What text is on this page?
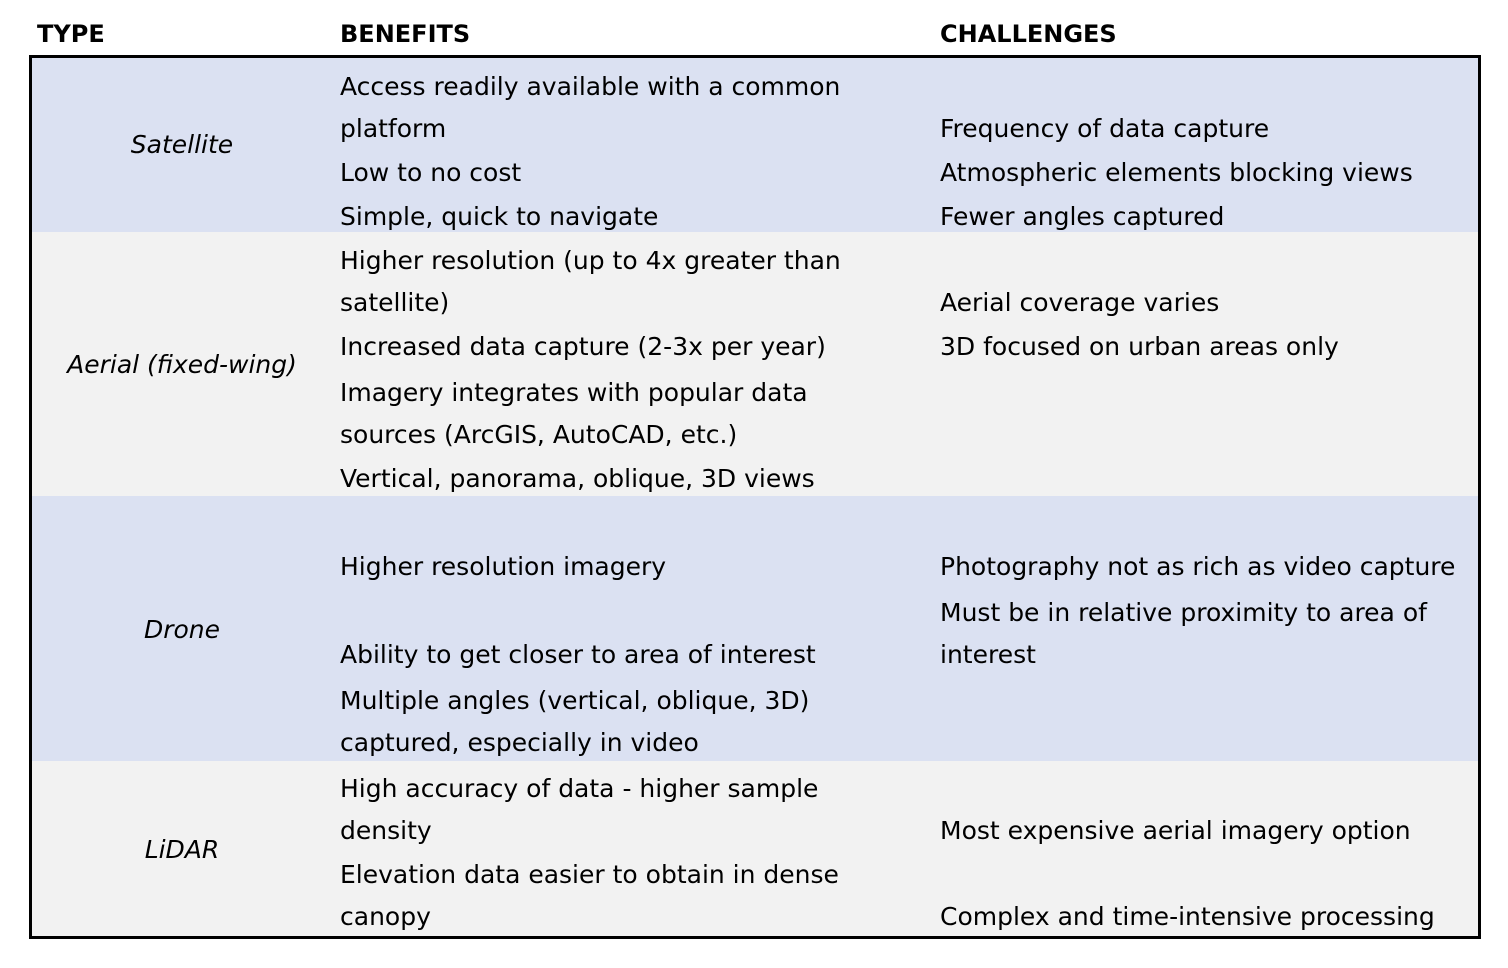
TYPE	BENEFITS	CHALLENGES
Satellite
Access readily available with a common
platform
Low to no cost
Simple, quick to navigate
Frequency of data capture
Atmospheric elements blocking views
Fewer angles captured
Aerial (fixed-wing)
Higher resolution (up to 4x greater than
satellite)
Increased data capture (2-3x per year)
Imagery integrates with popular data
sources (ArcGIS, AutoCAD, etc.)
Vertical, panorama, oblique, 3D views
Aerial coverage varies
3D focused on urban areas only
Drone
Higher resolution imagery
Ability to get closer to area of interest
Multiple angles (vertical, oblique, 3D)
captured, especially in video
Photography not as rich as video capture
Must be in relative proximity to area of
interest
LiDAR
High accuracy of data - higher sample
density
Elevation data easier to obtain in dense
canopy
Most expensive aerial imagery option
Complex and time-intensive processing
